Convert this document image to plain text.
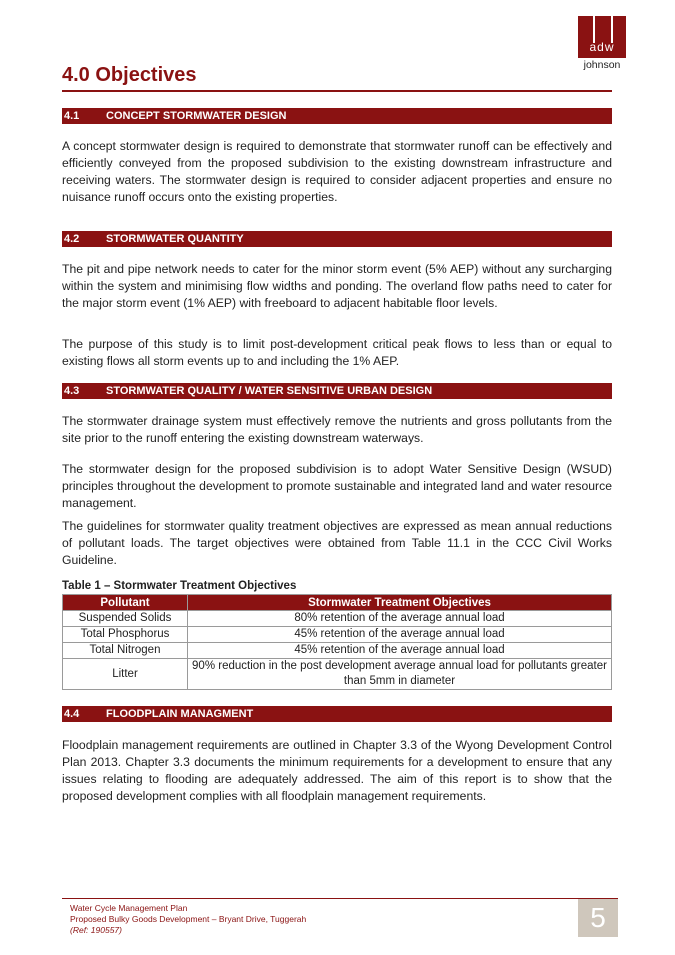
adw
johnson
4.0 Objectives
4.1	CONCEPT STORMWATER DESIGN

A concept stormwater design is required to demonstrate that stormwater runoff can be effectively and efficiently conveyed from the proposed subdivision to the existing downstream infrastructure and receiving waters. The stormwater design is required to consider adjacent properties and ensure no nuisance runoff occurs onto the existing properties.

4.2	STORMWATER QUANTITY

The pit and pipe network needs to cater for the minor storm event (5% AEP) without any surcharging within the system and minimising flow widths and ponding. The overland flow paths need to cater for the major storm event (1% AEP) with freeboard to adjacent habitable floor levels.

The purpose of this study is to limit post-development critical peak flows to less than or equal to existing flows all storm events up to and including the 1% AEP.

4.3	STORMWATER QUALITY / WATER SENSITIVE URBAN DESIGN

The stormwater drainage system must effectively remove the nutrients and gross pollutants from the site prior to the runoff entering the existing downstream waterways.

The stormwater design for the proposed subdivision is to adopt Water Sensitive Design (WSUD) principles throughout the development to promote sustainable and integrated land and water resource management.

The guidelines for stormwater quality treatment objectives are expressed as mean annual reductions of pollutant loads. The target objectives were obtained from Table 11.1 in the CCC Civil Works Guideline.

Table 1 – Stormwater Treatment Objectives
Pollutant	Stormwater Treatment Objectives
Suspended Solids	80% retention of the average annual load
Total Phosphorus	45% retention of the average annual load
Total Nitrogen	45% retention of the average annual load
Litter	90% reduction in the post development average annual load for pollutants greater than 5mm in diameter
4.4	FLOODPLAIN MANAGMENT

Floodplain management requirements are outlined in Chapter 3.3 of the Wyong Development Control Plan 2013. Chapter 3.3 documents the minimum requirements for a development to ensure that any issues relating to flooding are adequately addressed. The aim of this report is to show that the proposed development complies with all floodplain management requirements.

Water Cycle Management Plan
Proposed Bulky Goods Development – Bryant Drive, Tuggerah
(Ref: 190557)	5
